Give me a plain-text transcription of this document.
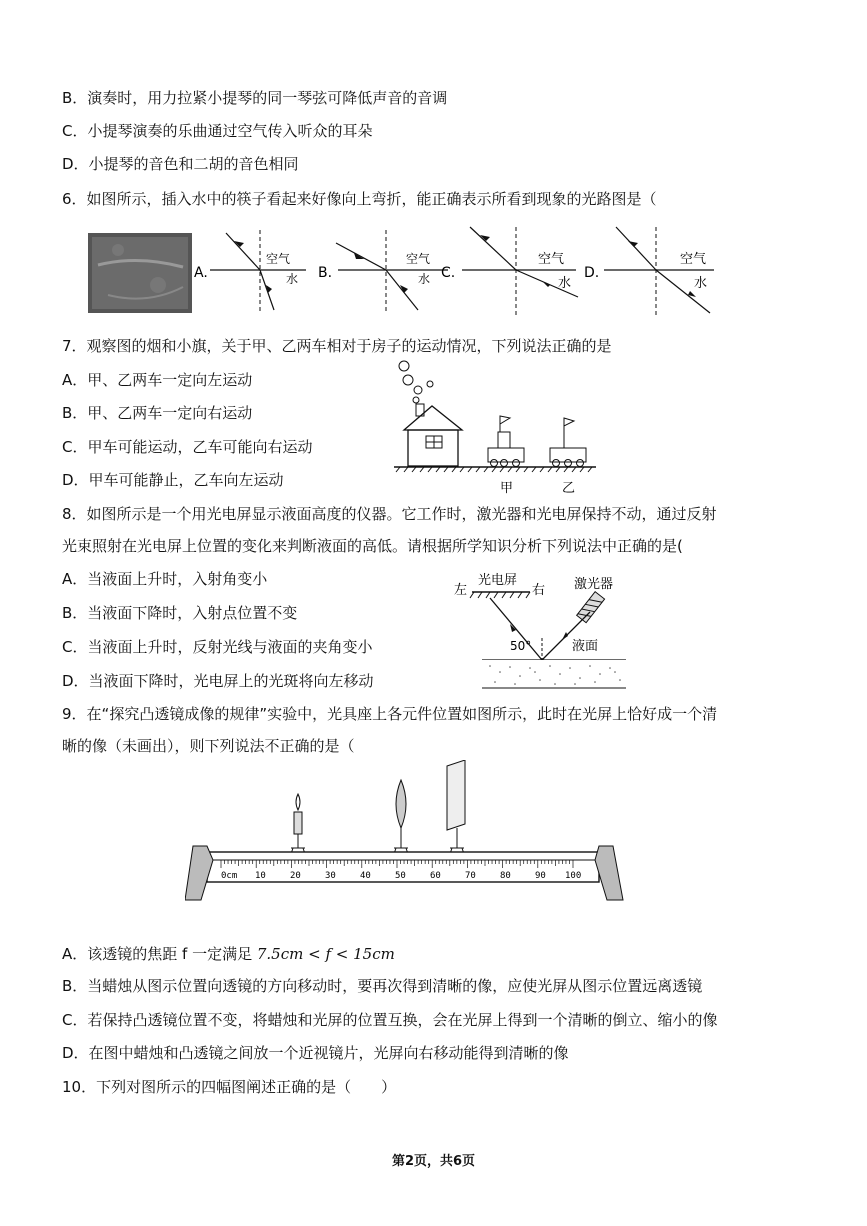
B．演奏时，用力拉紧小提琴的同一琴弦可降低声音的音调
C．小提琴演奏的乐曲通过空气传入听众的耳朵
D．小提琴的音色和二胡的音色相同
6．如图所示，插入水中的筷子看起来好像向上弯折，能正确表示所看到现象的光路图是（
A.
空气
水 B.
空气
水 C.
空气
水
D.
空气
水
7．观察图的烟和小旗，关于甲、乙两车相对于房子的运动情况，下列说法正确的是
A．甲、乙两车一定向左运动
B．甲、乙两车一定向右运动
C．甲车可能运动，乙车可能向右运动
D．甲车可能静止，乙车向左运动	甲	乙
8．如图所示是一个用光电屏显示液面高度的仪器。它工作时，激光器和光电屏保持不动，通过反射
光束照射在光电屏上位置的变化来判断液面的高低。请根据所学知识分析下列说法中正确的是(
A．当液面上升时，入射角变小
B．当液面下降时，入射点位置不变
C．当液面上升时，反射光线与液面的夹角变小
D．当液面下降时，光电屏上的光斑将向左移动
左
光电屏
右 激光器
50°	液面
9．在“探究凸透镜成像的规律”实验中，光具座上各元件位置如图所示，此时在光屏上恰好成一个清
晰的像（未画出），则下列说法不正确的是（
0cm 10	20	30	40	50	60	70	80	90 100
A．该透镜的焦距 f 一定满足 7.5cm < f < 15cm
B．当蜡烛从图示位置向透镜的方向移动时，要再次得到清晰的像，应使光屏从图示位置远离透镜
C．若保持凸透镜位置不变，将蜡烛和光屏的位置互换，会在光屏上得到一个清晰的倒立、缩小的像
D．在图中蜡烛和凸透镜之间放一个近视镜片，光屏向右移动能得到清晰的像
10．下列对图所示的四幅图阐述正确的是（　　）
第2页，共6页
